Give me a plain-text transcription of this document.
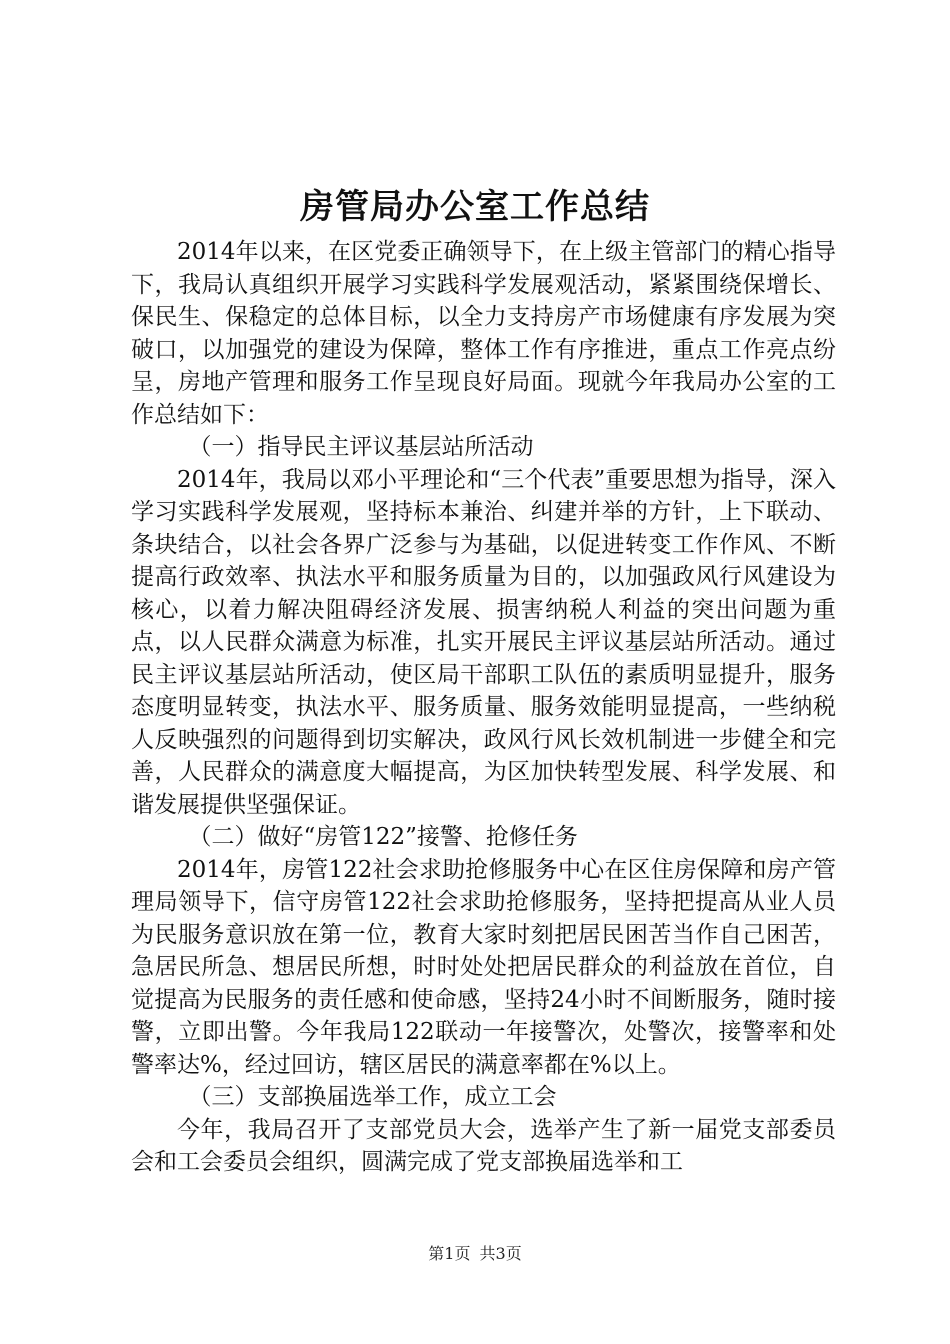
房管局办公室工作总结

2014年以来，在区党委正确领导下，在上级主管部门的精心指导下，我局认真组织开展学习实践科学发展观活动，紧紧围绕保增长、保民生、保稳定的总体目标，以全力支持房产市场健康有序发展为突破口，以加强党的建设为保障，整体工作有序推进，重点工作亮点纷呈，房地产管理和服务工作呈现良好局面。现就今年我局办公室的工作总结如下：

（一）指导民主评议基层站所活动

2014年，我局以邓小平理论和“三个代表”重要思想为指导，深入学习实践科学发展观，坚持标本兼治、纠建并举的方针，上下联动、条块结合，以社会各界广泛参与为基础，以促进转变工作作风、不断提高行政效率、执法水平和服务质量为目的，以加强政风行风建设为核心，以着力解决阻碍经济发展、损害纳税人利益的突出问题为重点，以人民群众满意为标准，扎实开展民主评议基层站所活动。通过民主评议基层站所活动，使区局干部职工队伍的素质明显提升，服务态度明显转变，执法水平、服务质量、服务效能明显提高，一些纳税人反映强烈的问题得到切实解决，政风行风长效机制进一步健全和完善，人民群众的满意度大幅提高，为区加快转型发展、科学发展、和谐发展提供坚强保证。

（二）做好“房管122”接警、抢修任务

2014年，房管122社会求助抢修服务中心在区住房保障和房产管理局领导下，信守房管122社会求助抢修服务，坚持把提高从业人员为民服务意识放在第一位，教育大家时刻把居民困苦当作自己困苦，急居民所急、想居民所想，时时处处把居民群众的利益放在首位，自觉提高为民服务的责任感和使命感，坚持24小时不间断服务，随时接警，立即出警。今年我局122联动一年接警次，处警次，接警率和处警率达%，经过回访，辖区居民的满意率都在%以上。

（三）支部换届选举工作，成立工会

今年，我局召开了支部党员大会，选举产生了新一届党支部委员会和工会委员会组织，圆满完成了党支部换届选举和工

第1页 共3页
